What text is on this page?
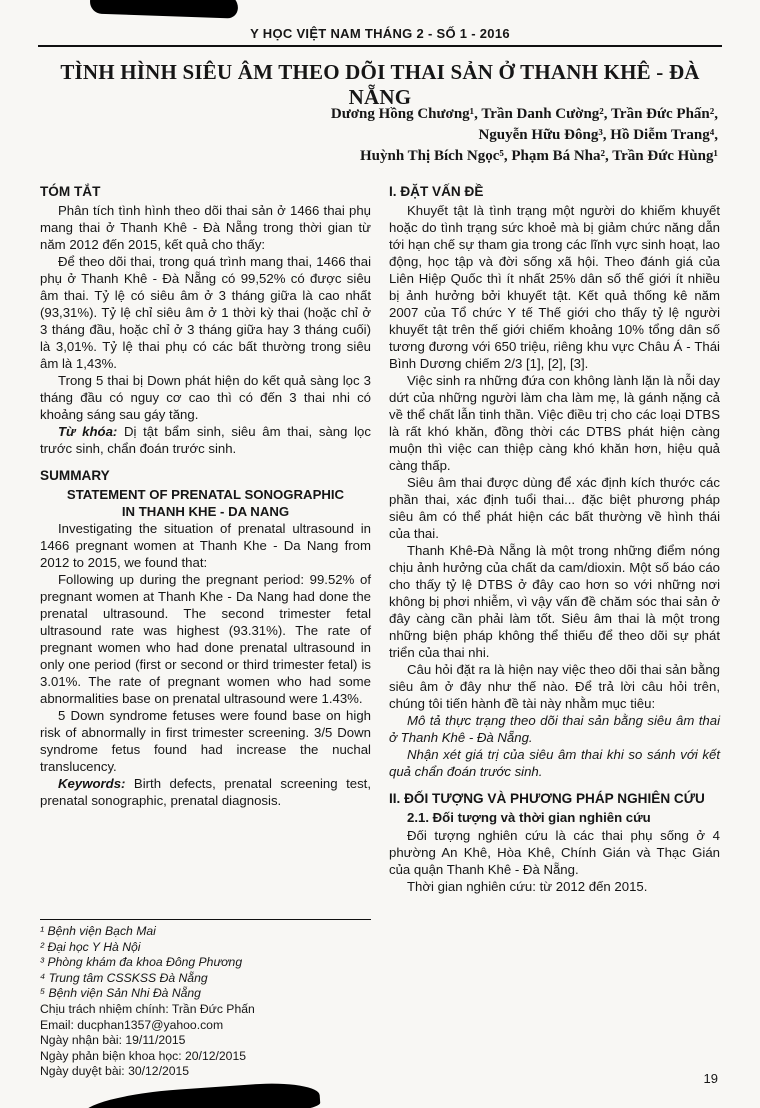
Y HỌC VIỆT NAM THÁNG 2 - SỐ 1 - 2016
TÌNH HÌNH SIÊU ÂM THEO DÕI THAI SẢN Ở THANH KHÊ - ĐÀ NẴNG
Dương Hồng Chương¹, Trần Danh Cường², Trần Đức Phấn²,
Nguyễn Hữu Đông³, Hồ Diễm Trang⁴,
Huỳnh Thị Bích Ngọc⁵, Phạm Bá Nha², Trần Đức Hùng¹
TÓM TẮT

Phân tích tình hình theo dõi thai sản ở 1466 thai phụ mang thai ở Thanh Khê - Đà Nẵng trong thời gian từ năm 2012 đến 2015, kết quả cho thấy:

Để theo dõi thai, trong quá trình mang thai, 1466 thai phụ ở Thanh Khê - Đà Nẵng có 99,52% có được siêu âm thai. Tỷ lệ có siêu âm ở 3 tháng giữa là cao nhất (93,31%). Tỷ lệ chỉ siêu âm ở 1 thời kỳ thai (hoặc chỉ ở 3 tháng đầu, hoặc chỉ ở 3 tháng giữa hay 3 tháng cuối) là 3,01%. Tỷ lệ thai phụ có các bất thường trong siêu âm là 1,43%.

Trong 5 thai bị Down phát hiện do kết quả sàng lọc 3 tháng đầu có nguy cơ cao thì có đến 3 thai nhi có khoảng sáng sau gáy tăng.

Từ khóa: Dị tật bẩm sinh, siêu âm thai, sàng lọc trước sinh, chẩn đoán trước sinh.

SUMMARY
STATEMENT OF PRENATAL SONOGRAPHIC
IN THANH KHE - DA NANG

Investigating the situation of prenatal ultrasound in 1466 pregnant women at Thanh Khe - Da Nang from 2012 to 2015, we found that:

Following up during the pregnant period: 99.52% of pregnant women at Thanh Khe - Da Nang had done the prenatal ultrasound. The second trimester fetal ultrasound rate was highest (93.31%). The rate of pregnant women who had done prenatal ultrasound in only one period (first or second or third trimester fetal) is 3.01%. The rate of pregnant women who had some abnormalities base on prenatal ultrasound were 1.43%.

5 Down syndrome fetuses were found base on high risk of abnormally in first trimester screening. 3/5 Down syndrome fetus found had increase the nuchal translucency.

Keywords: Birth defects, prenatal screening test, prenatal sonographic, prenatal diagnosis.

¹ Bệnh viện Bạch Mai
² Đại học Y Hà Nội
³ Phòng khám đa khoa Đông Phương
⁴ Trung tâm CSSKSS Đà Nẵng
⁵ Bệnh viện Sản Nhi Đà Nẵng
Chịu trách nhiệm chính: Trần Đức Phấn
Email: ducphan1357@yahoo.com
Ngày nhận bài: 19/11/2015
Ngày phản biện khoa học: 20/12/2015
Ngày duyệt bài: 30/12/2015
I. ĐẶT VẤN ĐỀ

Khuyết tật là tình trạng một người do khiếm khuyết hoặc do tình trạng sức khoẻ mà bị giảm chức năng dẫn tới hạn chế sự tham gia trong các lĩnh vực sinh hoạt, lao động, học tập và đời sống xã hội. Theo đánh giá của Liên Hiệp Quốc thì ít nhất 25% dân số thế giới ít nhiều bị ảnh hưởng bởi khuyết tật. Kết quả thống kê năm 2007 của Tổ chức Y tế Thế giới cho thấy tỷ lệ người khuyết tật trên thế giới chiếm khoảng 10% tổng dân số tương đương với 650 triệu, riêng khu vực Châu Á - Thái Bình Dương chiếm 2/3 [1], [2], [3].

Việc sinh ra những đứa con không lành lặn là nỗi day dứt của những người làm cha làm mẹ, là gánh nặng cả về thể chất lẫn tinh thần. Việc điều trị cho các loại DTBS là rất khó khăn, đồng thời các DTBS phát hiện càng muộn thì việc can thiệp càng khó khăn hơn, hiệu quả càng thấp.

Siêu âm thai được dùng để xác định kích thước các phần thai, xác định tuổi thai... đặc biệt phương pháp siêu âm có thể phát hiện các bất thường về hình thái của thai.

Thanh Khê-Đà Nẵng là một trong những điểm nóng chịu ảnh hưởng của chất da cam/dioxin. Một số báo cáo cho thấy tỷ lệ DTBS ở đây cao hơn so với những nơi không bị phơi nhiễm, vì vậy vấn đề chăm sóc thai sản ở đây càng cần phải làm tốt. Siêu âm thai là một trong những biện pháp không thể thiếu để theo dõi sự phát triển của thai nhi.

Câu hỏi đặt ra là hiện nay việc theo dõi thai sản bằng siêu âm ở đây như thế nào. Để trả lời câu hỏi trên, chúng tôi tiến hành đề tài này nhằm mục tiêu:

Mô tả thực trạng theo dõi thai sản bằng siêu âm thai ở Thanh Khê - Đà Nẵng.

Nhận xét giá trị của siêu âm thai khi so sánh với kết quả chẩn đoán trước sinh.

II. ĐỐI TƯỢNG VÀ PHƯƠNG PHÁP NGHIÊN CỨU
2.1. Đối tượng và thời gian nghiên cứu

Đối tượng nghiên cứu là các thai phụ sống ở 4 phường An Khê, Hòa Khê, Chính Gián và Thạc Gián của quận Thanh Khê - Đà Nẵng.

Thời gian nghiên cứu: từ 2012 đến 2015.

19
